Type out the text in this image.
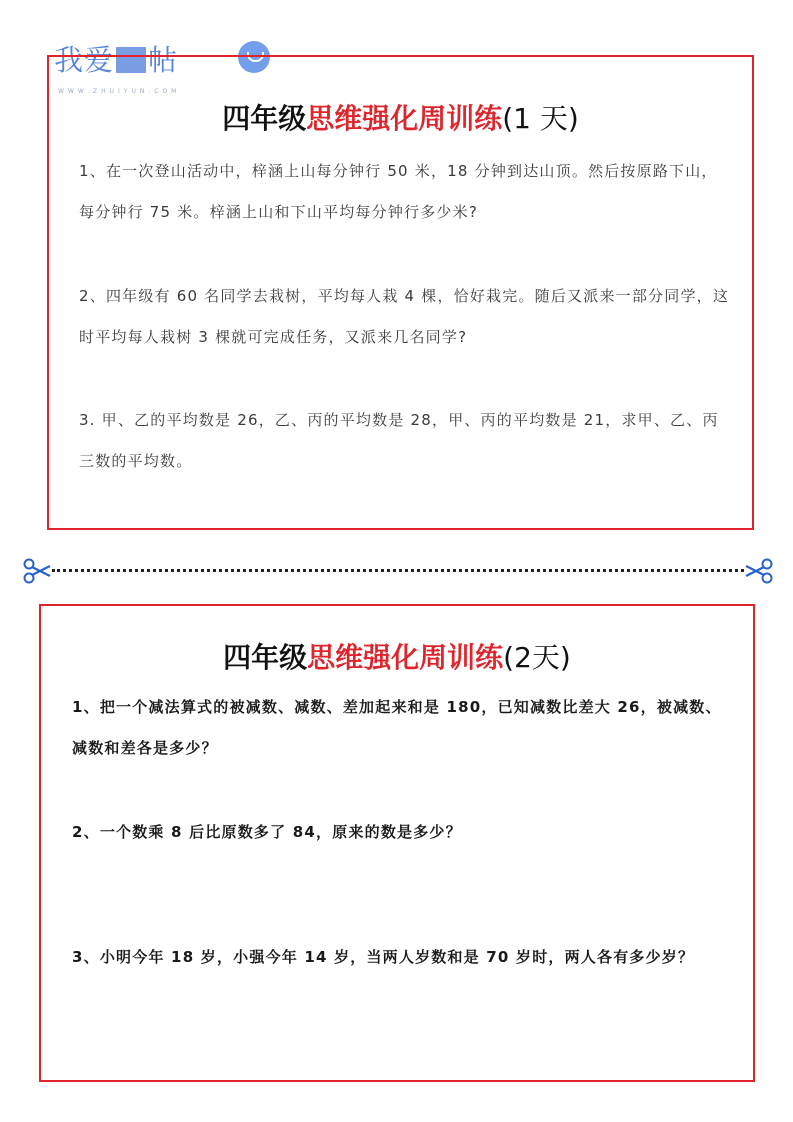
我爱 帖
WWW.ZHUIYUN.COM
四年级思维强化周训练(1 天)

1、在一次登山活动中，梓涵上山每分钟行 50 米，18 分钟到达山顶。然后按原路下山，每分钟行 75 米。梓涵上山和下山平均每分钟行多少米?

2、四年级有 60 名同学去栽树，平均每人栽 4 棵，恰好栽完。随后又派来一部分同学，这时平均每人栽树 3 棵就可完成任务，又派来几名同学?

3. 甲、乙的平均数是 26，乙、丙的平均数是 28，甲、丙的平均数是 21，求甲、乙、丙三数的平均数。

四年级思维强化周训练(2天)

1、把一个减法算式的被减数、减数、差加起来和是 180，已知减数比差大 26，被减数、减数和差各是多少？

2、一个数乘 8 后比原数多了 84，原来的数是多少？

3、小明今年 18 岁，小强今年 14 岁，当两人岁数和是 70 岁时，两人各有多少岁？
